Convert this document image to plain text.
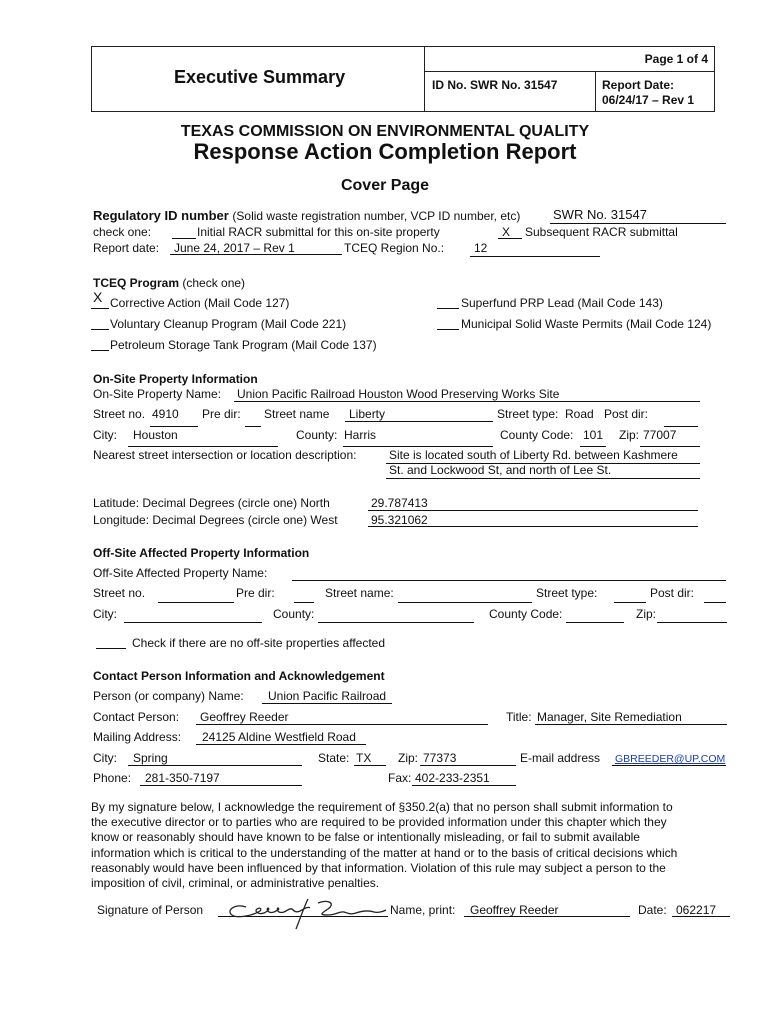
Executive Summary
Page 1 of 4
ID No. SWR No. 31547	Report Date:
06/24/17 – Rev 1
TEXAS COMMISSION ON ENVIRONMENTAL QUALITY
Response Action Completion Report
Cover Page
Regulatory ID number (Solid waste registration number, VCP ID number, etc)	SWR No. 31547
check one:	Initial RACR submittal for this on-site property	X Subsequent RACR submittal
Report date: June 24, 2017 – Rev 1	TCEQ Region No.: 12
TCEQ Program (check one)
X Corrective Action (Mail Code 127)
Voluntary Cleanup Program (Mail Code 221)
Petroleum Storage Tank Program (Mail Code 137)
Superfund PRP Lead (Mail Code 143)
Municipal Solid Waste Permits (Mail Code 124)
On-Site Property Information
On-Site Property Name: Union Pacific Railroad Houston Wood Preserving Works Site
Street no. 4910 Pre dir: Street name Liberty	Street type: Road Post dir:
City: Houston	County: Harris	County Code: 101 Zip: 77007
Nearest street intersection or location description:	Site is located south of Liberty Rd. between Kashmere
St. and Lockwood St, and north of Lee St.
Latitude: Decimal Degrees (circle one) North	29.787413
Longitude: Decimal Degrees (circle one) West	95.321062
Off-Site Affected Property Information
Off-Site Affected Property Name:
Street no.	Pre dir:	Street name:	Street type:	Post dir:
City:	County:	County Code:	Zip:
Check if there are no off-site properties affected
Contact Person Information and Acknowledgement
Person (or company) Name: Union Pacific Railroad
Contact Person: Geoffrey Reeder	Title: Manager, Site Remediation
Mailing Address: 24125 Aldine Westfield Road
City: Spring	State: TX Zip: 77373	E-mail address GBREEDER@UP.COM
Phone: 281-350-7197	Fax: 402-233-2351
By my signature below, I acknowledge the requirement of §350.2(a) that no person shall submit information to the executive director or to parties who are required to be provided information under this chapter which they know or reasonably should have known to be false or intentionally misleading, or fail to submit available information which is critical to the understanding of the matter at hand or to the basis of critical decisions which reasonably would have been influenced by that information. Violation of this rule may subject a person to the imposition of civil, criminal, or administrative penalties.
Signature of Person	Name, print: Geoffrey Reeder	Date: 062217
